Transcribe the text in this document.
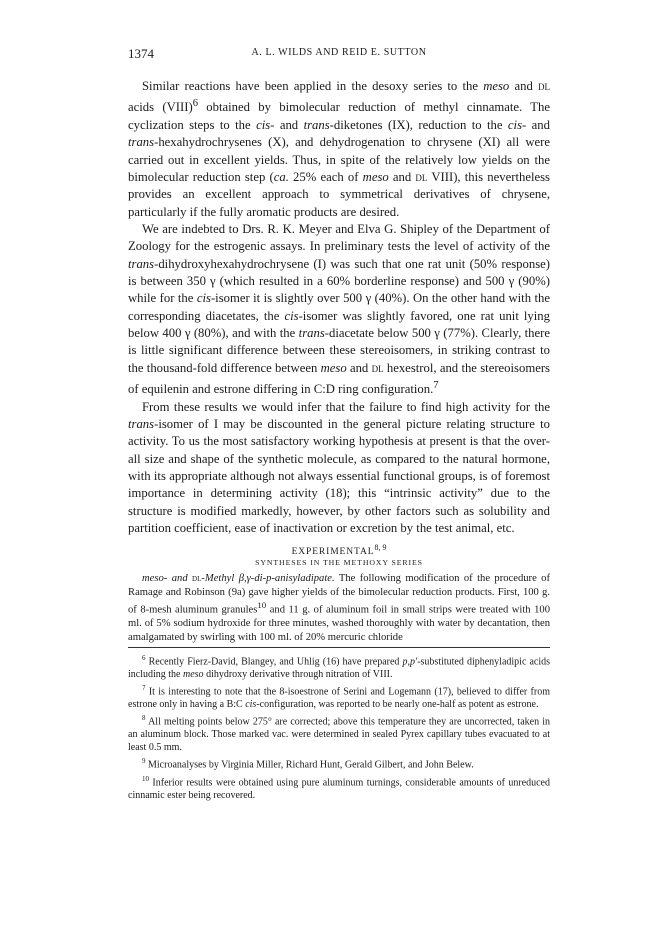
1374	A. L. WILDS AND REID E. SUTTON

Similar reactions have been applied in the desoxy series to the meso and dl acids (VIII)$^6$ obtained by bimolecular reduction of methyl cinnamate. The cyclization steps to the cis- and trans-diketones (IX), reduction to the cis- and trans-hexahydrochrysenes (X), and dehydrogenation to chrysene (XI) all were carried out in excellent yields. Thus, in spite of the relatively low yields on the bimolecular reduction step (ca. 25% each of meso and dl VIII), this nevertheless provides an excellent approach to symmetrical derivatives of chrysene, particularly if the fully aromatic products are desired.

We are indebted to Drs. R. K. Meyer and Elva G. Shipley of the Department of Zoology for the estrogenic assays. In preliminary tests the level of activity of the trans-dihydroxyhexahydrochrysene (I) was such that one rat unit (50% response) is between 350 γ (which resulted in a 60% borderline response) and 500 γ (90%) while for the cis-isomer it is slightly over 500 γ (40%). On the other hand with the corresponding diacetates, the cis-isomer was slightly favored, one rat unit lying below 400 γ (80%), and with the trans-diacetate below 500 γ (77%). Clearly, there is little significant difference between these stereoisomers, in striking contrast to the thousand-fold difference between meso and dl hexestrol, and the stereoisomers of equilenin and estrone differing in C:D ring configuration.$^7$

From these results we would infer that the failure to find high activity for the trans-isomer of I may be discounted in the general picture relating structure to activity. To us the most satisfactory working hypothesis at present is that the over-all size and shape of the synthetic molecule, as compared to the natural hormone, with its appropriate although not always essential functional groups, is of foremost importance in determining activity (18); this “intrinsic activity” due to the structure is modified markedly, however, by other factors such as solubility and partition coefficient, ease of inactivation or excretion by the test animal, etc.

EXPERIMENTAL$^{8, 9}$
SYNTHESES IN THE METHOXY SERIES

meso- and dl-Methyl β,γ-di-p-anisyladipate. The following modification of the procedure of Ramage and Robinson (9a) gave higher yields of the bimolecular reduction products. First, 100 g. of 8-mesh aluminum granules$^{10}$ and 11 g. of aluminum foil in small strips were treated with 100 ml. of 5% sodium hydroxide for three minutes, washed thoroughly with water by decantation, then amalgamated by swirling with 100 ml. of 20% mercuric chloride

$^6$ Recently Fierz-David, Blangey, and Uhlig (16) have prepared p,p′-substituted diphenyladipic acids including the meso dihydroxy derivative through nitration of VIII.

$^7$ It is interesting to note that the 8-isoestrone of Serini and Logemann (17), believed to differ from estrone only in having a B:C cis-configuration, was reported to be nearly one-half as potent as estrone.

$^8$ All melting points below 275° are corrected; above this temperature they are uncorrected, taken in an aluminum block. Those marked vac. were determined in sealed Pyrex capillary tubes evacuated to at least 0.5 mm.

$^9$ Microanalyses by Virginia Miller, Richard Hunt, Gerald Gilbert, and John Belew.

$^{10}$ Inferior results were obtained using pure aluminum turnings, considerable amounts of unreduced cinnamic ester being recovered.
